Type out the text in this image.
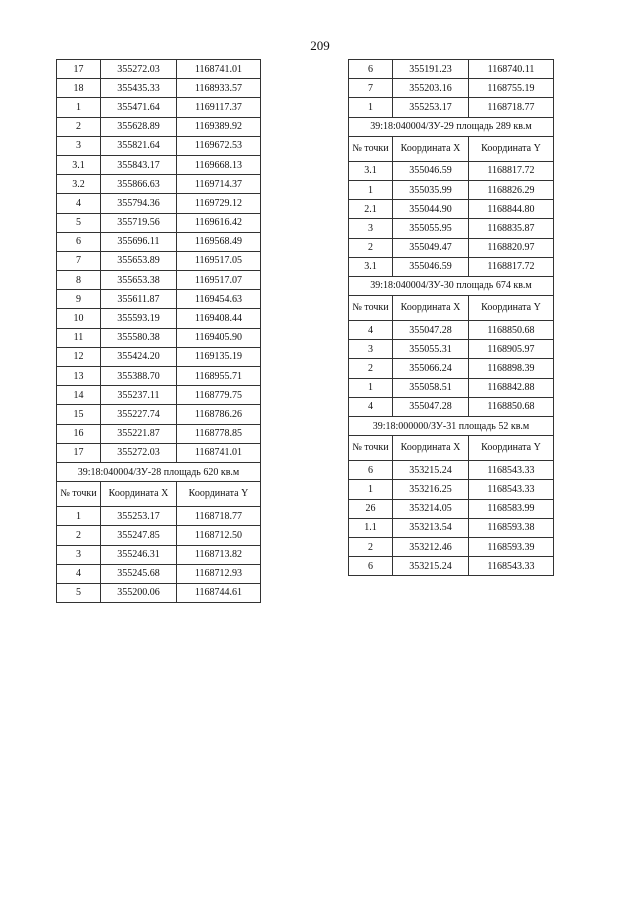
209
17	355272.03	1168741.01
18	355435.33	1168933.57
1	355471.64	1169117.37
2	355628.89	1169389.92
3	355821.64	1169672.53
3.1	355843.17	1169668.13
3.2	355866.63	1169714.37
4	355794.36	1169729.12
5	355719.56	1169616.42
6	355696.11	1169568.49
7	355653.89	1169517.05
8	355653.38	1169517.07
9	355611.87	1169454.63
10	355593.19	1169408.44
11	355580.38	1169405.90
12	355424.20	1169135.19
13	355388.70	1168955.71
14	355237.11	1168779.75
15	355227.74	1168786.26
16	355221.87	1168778.85
17	355272.03	1168741.01
39:18:040004/ЗУ-28 площадь 620 кв.м		
№ точки	Координата X	Координата Y
1	355253.17	1168718.77
2	355247.85	1168712.50
3	355246.31	1168713.82
4	355245.68	1168712.93
5	355200.06	1168744.61
6	355191.23	1168740.11
7	355203.16	1168755.19
1	355253.17	1168718.77
39:18:040004/ЗУ-29 площадь 289 кв.м		
№ точки	Координата X	Координата Y
3.1	355046.59	1168817.72
1	355035.99	1168826.29
2.1	355044.90	1168844.80
3	355055.95	1168835.87
2	355049.47	1168820.97
3.1	355046.59	1168817.72
39:18:040004/ЗУ-30 площадь 674 кв.м		
№ точки	Координата X	Координата Y
4	355047.28	1168850.68
3	355055.31	1168905.97
2	355066.24	1168898.39
1	355058.51	1168842.88
4	355047.28	1168850.68
39:18:000000/ЗУ-31 площадь 52 кв.м		
№ точки	Координата X	Координата Y
6	353215.24	1168543.33
1	353216.25	1168543.33
26	353214.05	1168583.99
1.1	353213.54	1168593.38
2	353212.46	1168593.39
6	353215.24	1168543.33
